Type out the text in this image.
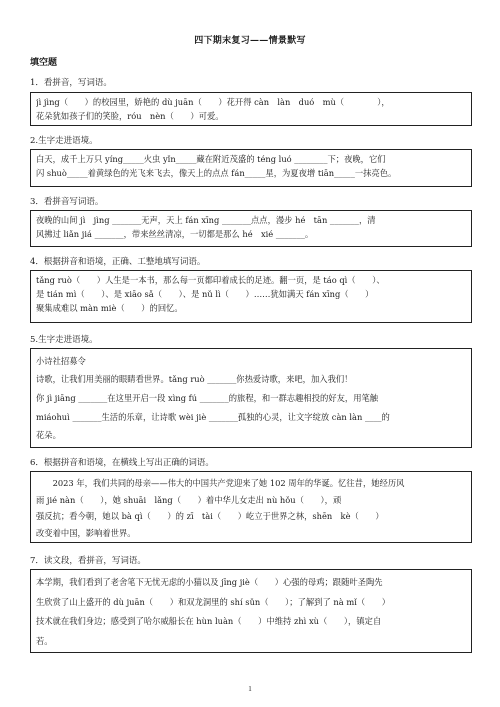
四下期末复习——情景默写
填空题
1．看拼音，写词语。
jì jìng（　　）的校园里，娇艳的 dù juān（　　）花开得 càn　làn　duó　mù（　　　　），
花朵犹如孩子们的笑脸，róu　nèn（　　）可爱。
2.生字走进语境。
白天，成千上万只 yíng_____火虫 yǐn_____藏在附近茂盛的 téng luó ________下；夜晚，它们
闪 shuò_____着黄绿色的光飞来飞去，像天上的点点 fán_____星，为夏夜增 tiān_____一抹亮色。
3．看拼音写词语。
夜晚的山间 jì　jìng _______无声，天上 fán xīng _______点点，漫步 hé　tān _______，清
风拂过 liǎn jiá _______，带来丝丝清凉，一切都是那么 hé　xié _______。
4．根据拼音和语境，正确、工整地填写词语。
tǎng ruò（　　）人生是一本书，那么每一页都印着成长的足迹。翻一页，是 táo qì（　　）、
是 tián mì（　　）、是 xiāo sǎ（　　）、是 nǔ lì（　　）……犹如满天 fán xīng（　　）
聚集成难以 màn miè（　　）的回忆。
5.生字走进语境。
小诗社招募令
诗歌，让我们用美丽的眼睛看世界。tǎng ruò _______你热爱诗歌，来吧，加入我们！
你 jì jiāng _______在这里开启一段 xìng fú _______的旅程，和一群志趣相投的好友，用笔触
miáohuì _______生活的乐章，让诗歌 wèi jiè _______孤独的心灵，让文字绽放 càn làn ____的
花朵。
6．根据拼音和语境，在横线上写出正确的词语。
　　2023 年，我们共同的母亲——伟大的中国共产党迎来了她 102 周年的华诞。忆往昔，她经历风
雨 jié nàn（　　），她 shuāi　lǎng（　　）着中华儿女走出 nù hǒu（　　），顽
强反抗；看今朝，她以 bà qì（　　）的 zī　tài（　　）屹立于世界之林，shēn　kè（　　）
改变着中国，影响着世界。
7．读文段，看拼音，写词语。
本学期，我们看到了老舍笔下无忧无虑的小猫以及 jīng jiè（　　）心强的母鸡；跟随叶圣陶先
生欣赏了山上盛开的 dù juān（　　）和双龙洞里的 shí sǔn（　　）；了解到了 nà mǐ（　　）
技术就在我们身边；感受到了哈尔威船长在 hùn luàn（　　）中维持 zhì xù（　　），镇定自
若。
1
